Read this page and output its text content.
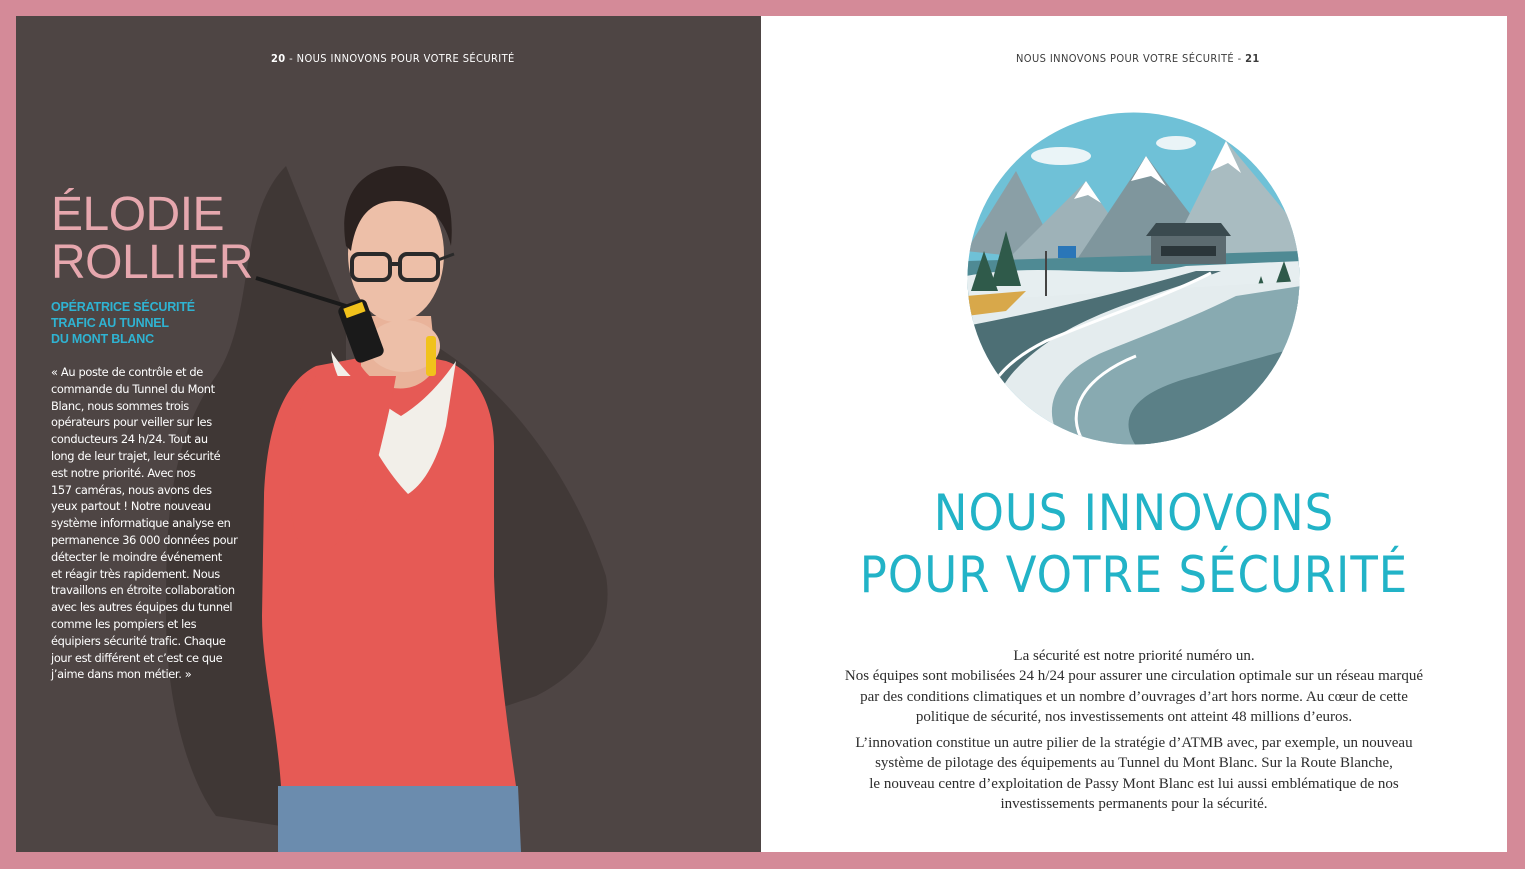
20 - NOUS INNOVONS POUR VOTRE SÉCURITÉ
ÉLODIE
ROLLIER
OPÉRATRICE SÉCURITÉ
TRAFIC AU TUNNEL
DU MONT BLANC
« Au poste de contrôle et de
commande du Tunnel du Mont
Blanc, nous sommes trois
opérateurs pour veiller sur les
conducteurs 24 h/24. Tout au
long de leur trajet, leur sécurité
est notre priorité. Avec nos
157 caméras, nous avons des
yeux partout ! Notre nouveau
système informatique analyse en
permanence 36 000 données pour
détecter le moindre événement
et réagir très rapidement. Nous
travaillons en étroite collaboration
avec les autres équipes du tunnel
comme les pompiers et les
équipiers sécurité trafic. Chaque
jour est différent et c’est ce que
j’aime dans mon métier. »
NOUS INNOVONS POUR VOTRE SÉCURITÉ - 21
NOUS INNOVONS
POUR VOTRE SÉCURITÉ
La sécurité est notre priorité numéro un.
Nos équipes sont mobilisées 24 h/24 pour assurer une circulation optimale sur un réseau marqué
par des conditions climatiques et un nombre d’ouvrages d’art hors norme. Au cœur de cette
politique de sécurité, nos investissements ont atteint 48 millions d’euros.
L’innovation constitue un autre pilier de la stratégie d’ATMB avec, par exemple, un nouveau
système de pilotage des équipements au Tunnel du Mont Blanc. Sur la Route Blanche,
le nouveau centre d’exploitation de Passy Mont Blanc est lui aussi emblématique de nos
investissements permanents pour la sécurité.
